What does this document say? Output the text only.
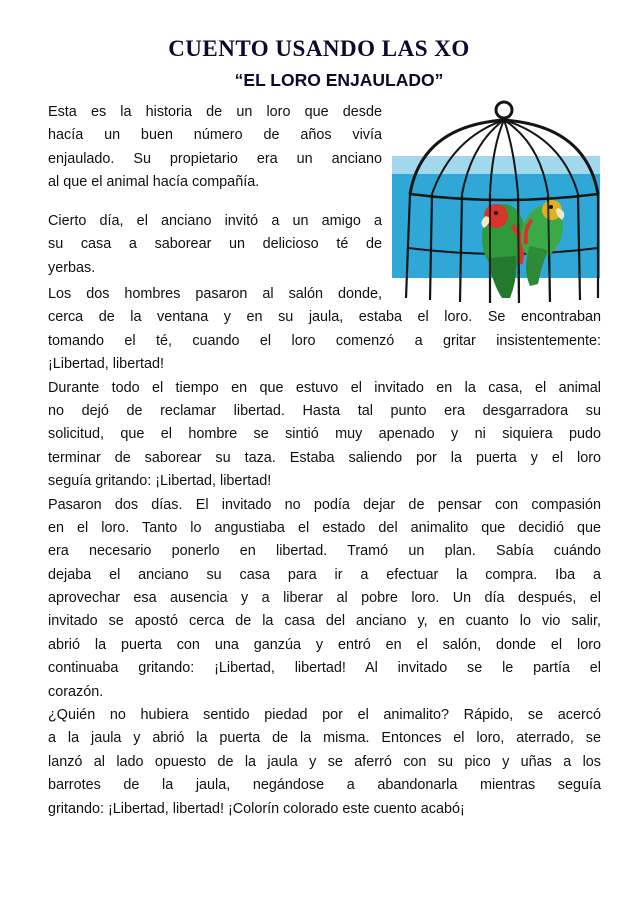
CUENTO USANDO LAS XO
“EL LORO ENJAULADO”
Esta es la historia de un loro que desde
hacía un buen número de años vivía
enjaulado. Su propietario era un anciano
al que el animal hacía compañía.
Cierto día, el anciano invitó a un amigo a
su casa a saborear un delicioso té de
yerbas.
Los dos hombres pasaron al salón donde,
cerca de la ventana y en su jaula, estaba el loro. Se encontraban
tomando el té, cuando el loro comenzó a gritar insistentemente:
¡Libertad, libertad!
Durante todo el tiempo en que estuvo el invitado en la casa, el animal
no dejó de reclamar libertad. Hasta tal punto era desgarradora su
solicitud, que el hombre se sintió muy apenado y ni siquiera pudo
terminar de saborear su taza. Estaba saliendo por la puerta y el loro
seguía gritando: ¡Libertad, libertad!
Pasaron dos días. El invitado no podía dejar de pensar con compasión
en el loro. Tanto lo angustiaba el estado del animalito que decidió que
era necesario ponerlo en libertad. Tramó un plan. Sabía cuándo
dejaba el anciano su casa para ir a efectuar la compra. Iba a
aprovechar esa ausencia y a liberar al pobre loro. Un día después, el
invitado se apostó cerca de la casa del anciano y, en cuanto lo vio salir,
abrió la puerta con una ganzúa y entró en el salón, donde el loro
continuaba gritando: ¡Libertad, libertad! Al invitado se le partía el
corazón.
¿Quién no hubiera sentido piedad por el animalito? Rápido, se acercó
a la jaula y abrió la puerta de la misma. Entonces el loro, aterrado, se
lanzó al lado opuesto de la jaula y se aferró con su pico y uñas a los
barrotes de la jaula, negándose a abandonarla mientras seguía
gritando: ¡Libertad, libertad! ¡Colorín colorado este cuento acabó¡
